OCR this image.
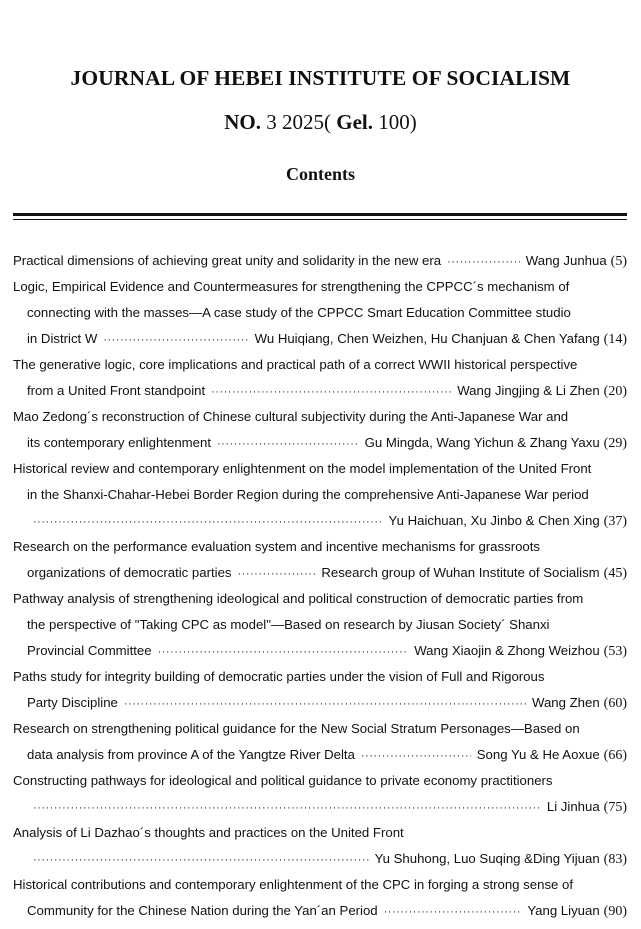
JOURNAL OF HEBEI INSTITUTE OF SOCIALISM
NO. 3 2025( Gel. 100)
Contents
Practical dimensions of achieving great unity and solidarity in the new era ·····	Wang Junhua (5)
Logic, Empirical Evidence and Countermeasures for strengthening the CPPCC´s mechanism of
connecting with the masses—A case study of the CPPCC Smart Education Committee studio
in District W ·····	Wu Huiqiang, Chen Weizhen, Hu Chanjuan & Chen Yafang (14)
The generative logic, core implications and practical path of a correct WWII historical perspective
from a United Front standpoint ·····	Wang Jingjing & Li Zhen (20)
Mao Zedong´s reconstruction of Chinese cultural subjectivity during the Anti-Japanese War and
its contemporary enlightenment ·····	Gu Mingda, Wang Yichun & Zhang Yaxu (29)
Historical review and contemporary enlightenment on the model implementation of the United Front
in the Shanxi-Chahar-Hebei Border Region during the comprehensive Anti-Japanese War period
·····
Yu Haichuan, Xu Jinbo & Chen Xing (37)
Research on the performance evaluation system and incentive mechanisms for grassroots
organizations of democratic parties ·····	Research group of Wuhan Institute of Socialism (45)
Pathway analysis of strengthening ideological and political construction of democratic parties from
the perspective of "Taking CPC as model"—Based on research by Jiusan Society´ Shanxi
Provincial Committee ·····	Wang Xiaojin & Zhong Weizhou (53)
Paths study for integrity building of democratic parties under the vision of Full and Rigorous
Party Discipline ·····	Wang Zhen (60)
Research on strengthening political guidance for the New Social Stratum Personages—Based on
data analysis from province A of the Yangtze River Delta ·····	Song Yu & He Aoxue (66)
Constructing pathways for ideological and political guidance to private economy practitioners
·····
Li Jinhua (75)
Analysis of Li Dazhao´s thoughts and practices on the United Front
·····
Yu Shuhong, Luo Suqing &Ding Yijuan (83)
Historical contributions and contemporary enlightenment of the CPC in forging a strong sense of
Community for the Chinese Nation during the Yan´an Period ·····	Yang Liyuan (90)
